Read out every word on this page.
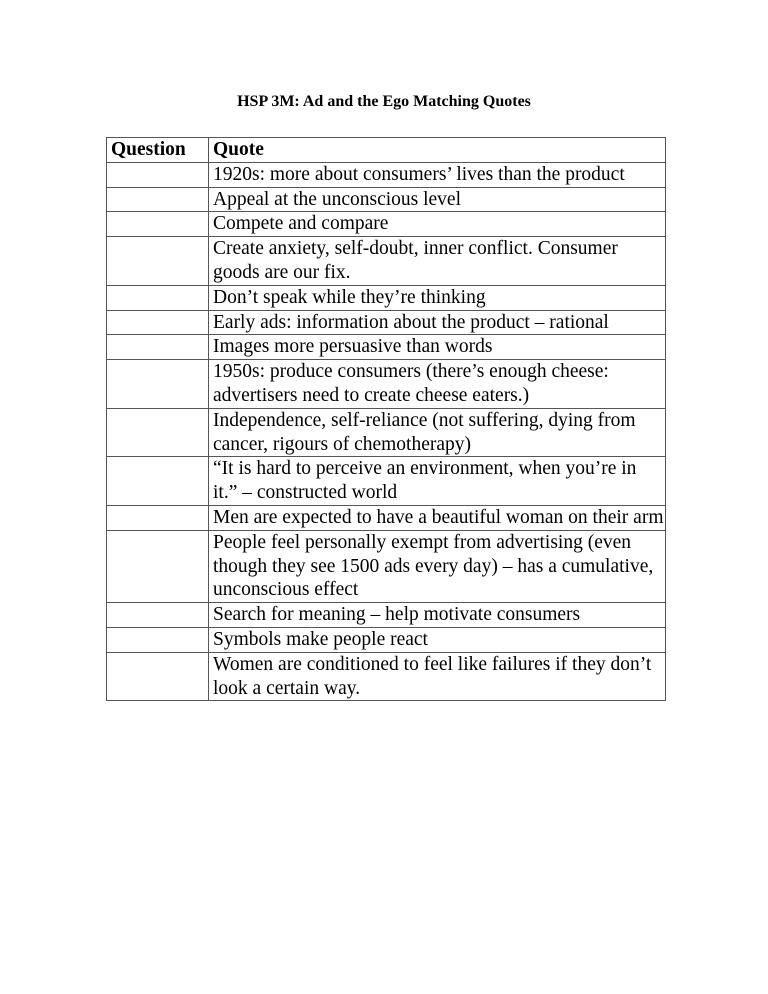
HSP 3M: Ad and the Ego Matching Quotes
Question	Quote
	1920s: more about consumers’ lives than the product
	Appeal at the unconscious level
	Compete and compare
	Create anxiety, self-doubt, inner conflict. Consumer goods are our fix.
	Don’t speak while they’re thinking
	Early ads: information about the product – rational
	Images more persuasive than words
	1950s: produce consumers (there’s enough cheese: advertisers need to create cheese eaters.)
	Independence, self-reliance (not suffering, dying from cancer, rigours of chemotherapy)
	“It is hard to perceive an environment, when you’re in it.” – constructed world
	Men are expected to have a beautiful woman on their arm
	People feel personally exempt from advertising (even though they see 1500 ads every day) – has a cumulative, unconscious effect
	Search for meaning – help motivate consumers
	Symbols make people react
	Women are conditioned to feel like failures if they don’t look a certain way.
